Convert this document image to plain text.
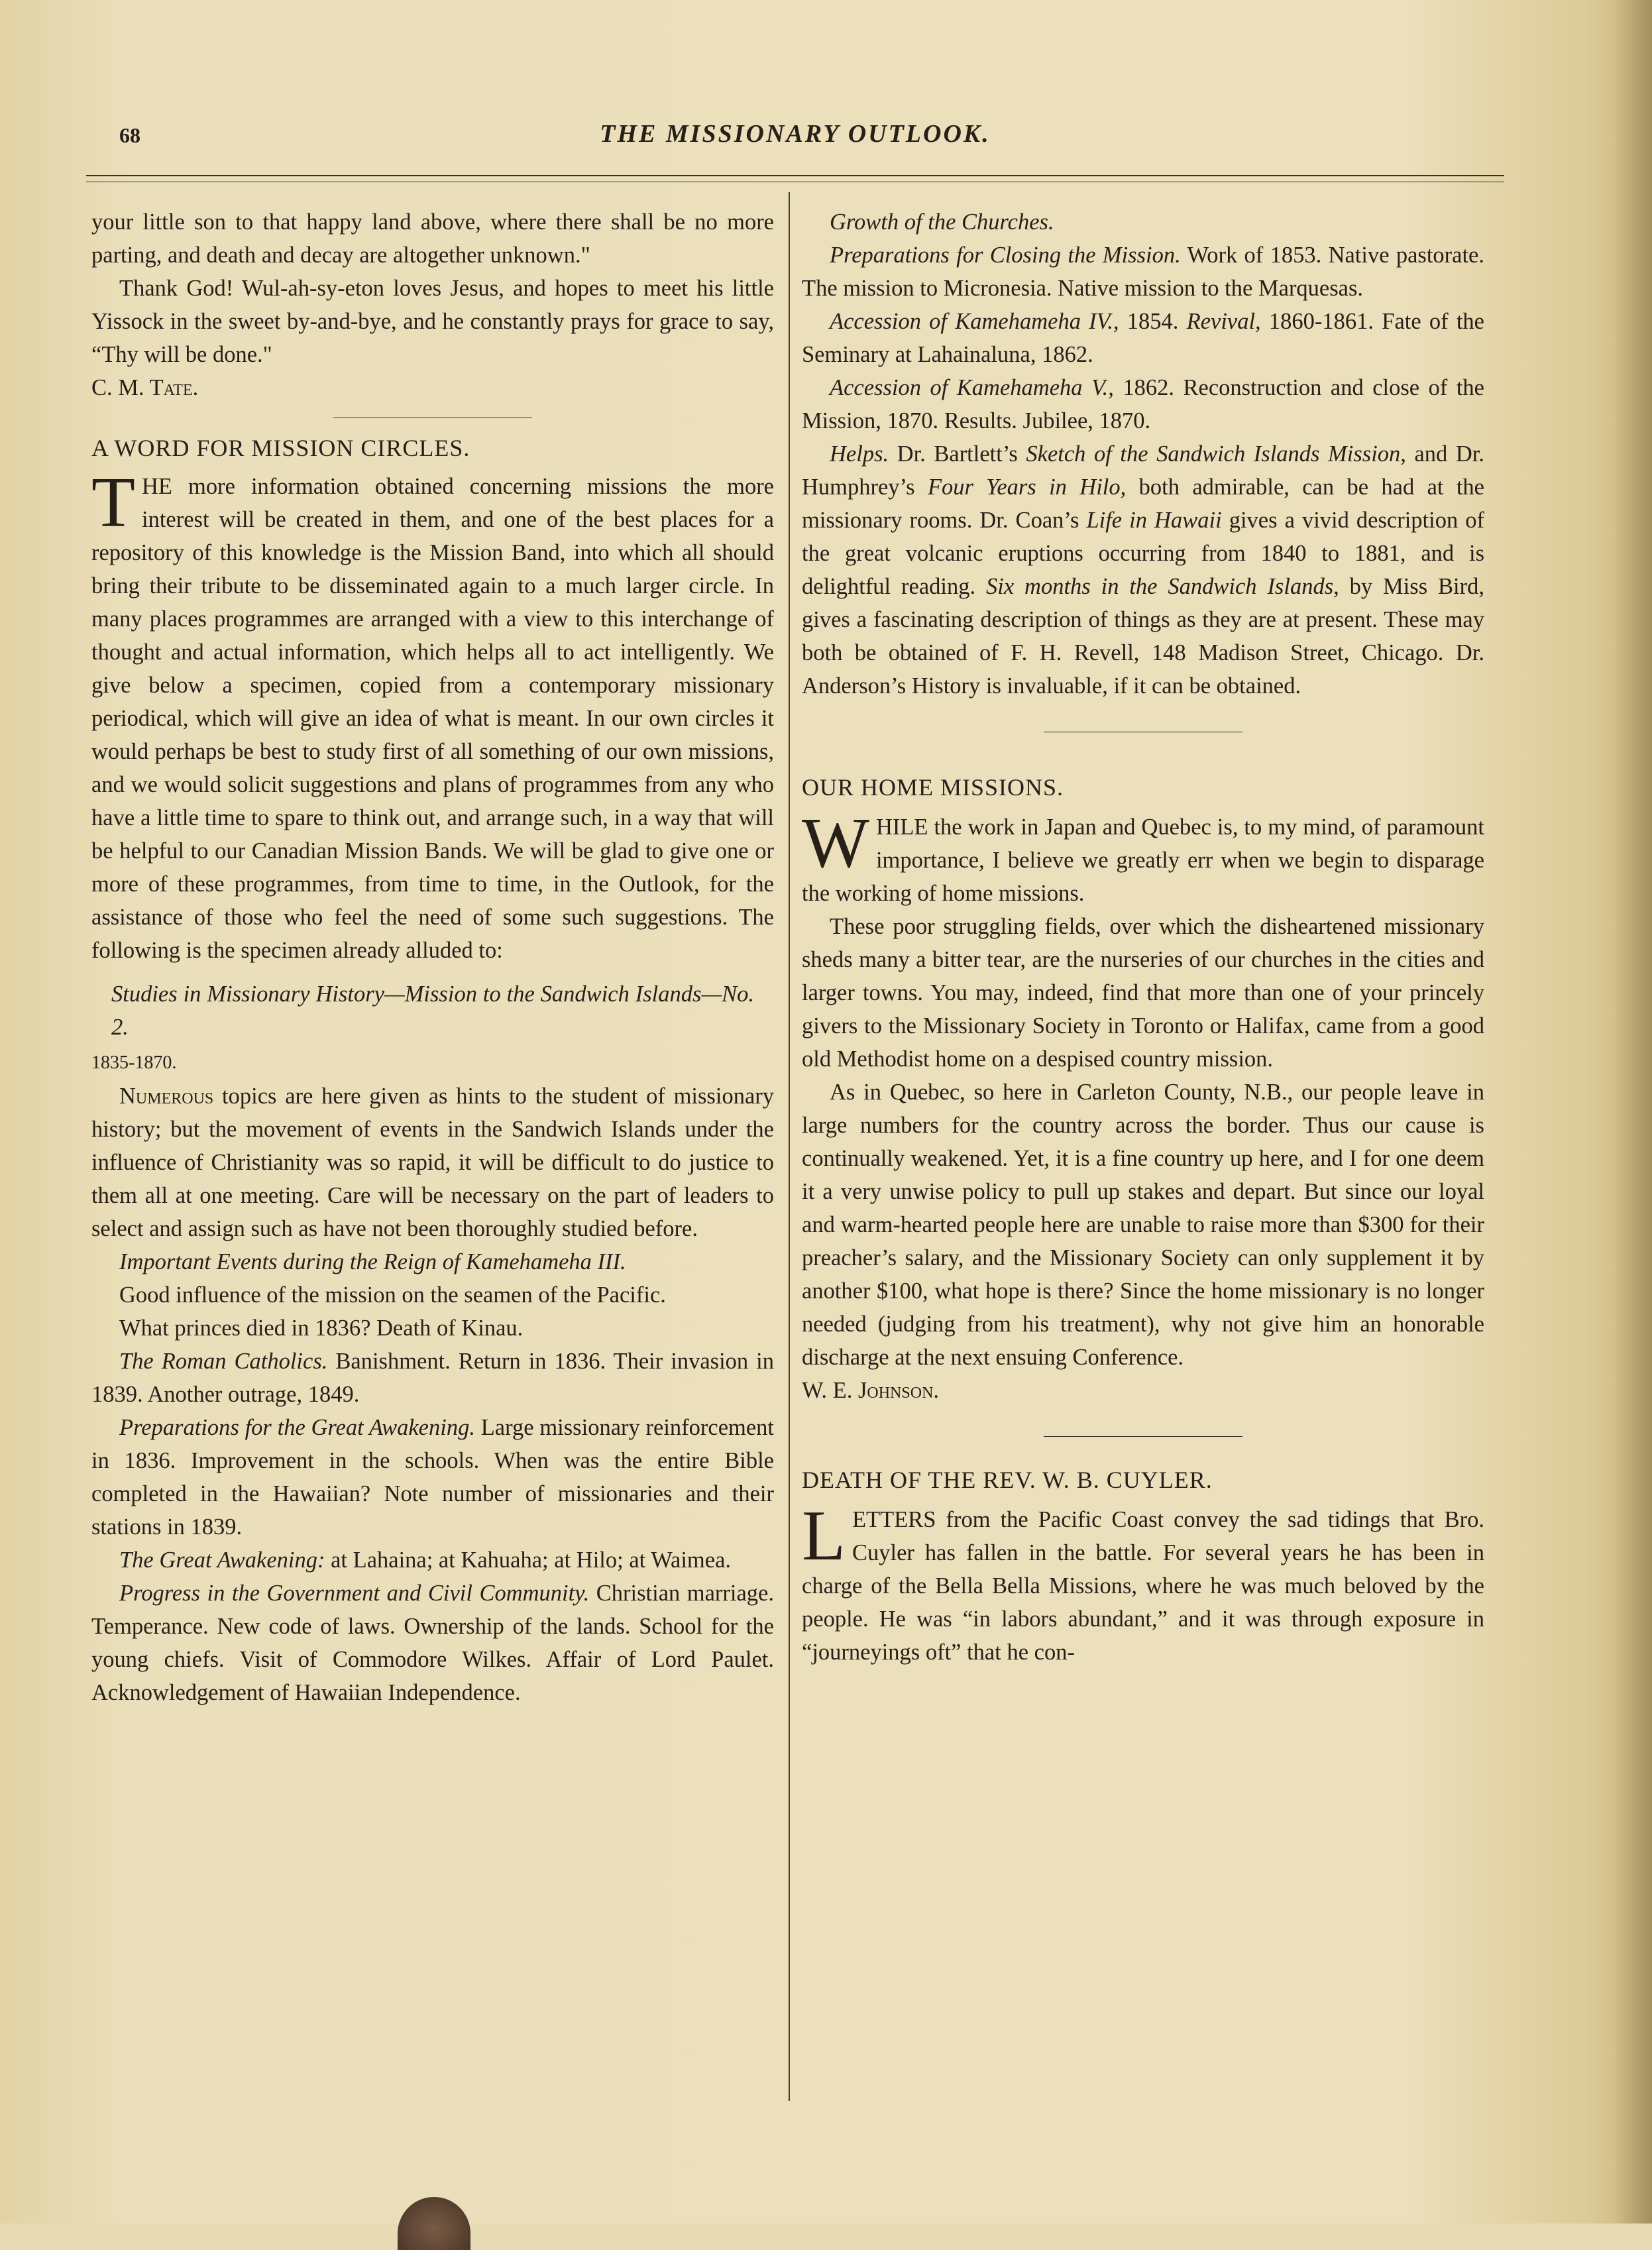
68	THE MISSIONARY OUTLOOK.

your little son to that happy land above, where there shall be no more parting, and death and decay are altogether unknown."

Thank God! Wul-ah-sy-eton loves Jesus, and hopes to meet his little Yissock in the sweet by-and-bye, and he constantly prays for grace to say, “Thy will be done."

C. M. Tate.

A WORD FOR MISSION CIRCLES.

THE more information obtained concerning missions the more interest will be created in them, and one of the best places for a repository of this knowledge is the Mission Band, into which all should bring their tribute to be disseminated again to a much larger circle. In many places programmes are arranged with a view to this interchange of thought and actual information, which helps all to act intelligently. We give below a specimen, copied from a contemporary missionary periodical, which will give an idea of what is meant. In our own circles it would perhaps be best to study first of all something of our own missions, and we would solicit suggestions and plans of programmes from any who have a little time to spare to think out, and arrange such, in a way that will be helpful to our Canadian Mission Bands. We will be glad to give one or more of these programmes, from time to time, in the Outlook, for the assistance of those who feel the need of some such suggestions. The following is the specimen already alluded to:

Studies in Missionary History—Mission to the Sandwich Islands—No. 2.

1835-1870.

Numerous topics are here given as hints to the student of missionary history; but the movement of events in the Sandwich Islands under the influence of Christianity was so rapid, it will be difficult to do justice to them all at one meeting. Care will be necessary on the part of leaders to select and assign such as have not been thoroughly studied before.

Important Events during the Reign of Kamehameha III.

Good influence of the mission on the seamen of the Pacific.

What princes died in 1836? Death of Kinau.

The Roman Catholics. Banishment. Return in 1836. Their invasion in 1839. Another outrage, 1849.

Preparations for the Great Awakening. Large missionary reinforcement in 1836. Improvement in the schools. When was the entire Bible completed in the Hawaiian? Note number of missionaries and their stations in 1839.

The Great Awakening: at Lahaina; at Kahuaha; at Hilo; at Waimea.

Progress in the Government and Civil Community. Christian marriage. Temperance. New code of laws. Ownership of the lands. School for the young chiefs. Visit of Commodore Wilkes. Affair of Lord Paulet. Acknowledgement of Hawaiian Independence.

Growth of the Churches.

Preparations for Closing the Mission. Work of 1853. Native pastorate. The mission to Micronesia. Native mission to the Marquesas.

Accession of Kamehameha IV., 1854. Revival, 1860-1861. Fate of the Seminary at Lahainaluna, 1862.

Accession of Kamehameha V., 1862. Reconstruction and close of the Mission, 1870. Results. Jubilee, 1870.

Helps. Dr. Bartlett’s Sketch of the Sandwich Islands Mission, and Dr. Humphrey’s Four Years in Hilo, both admirable, can be had at the missionary rooms. Dr. Coan’s Life in Hawaii gives a vivid description of the great volcanic eruptions occurring from 1840 to 1881, and is delightful reading. Six months in the Sandwich Islands, by Miss Bird, gives a fascinating description of things as they are at present. These may both be obtained of F. H. Revell, 148 Madison Street, Chicago. Dr. Anderson’s History is invaluable, if it can be obtained.

OUR HOME MISSIONS.

WHILE the work in Japan and Quebec is, to my mind, of paramount importance, I believe we greatly err when we begin to disparage the working of home missions.

These poor struggling fields, over which the disheartened missionary sheds many a bitter tear, are the nurseries of our churches in the cities and larger towns. You may, indeed, find that more than one of your princely givers to the Missionary Society in Toronto or Halifax, came from a good old Methodist home on a despised country mission.

As in Quebec, so here in Carleton County, N.B., our people leave in large numbers for the country across the border. Thus our cause is continually weakened. Yet, it is a fine country up here, and I for one deem it a very unwise policy to pull up stakes and depart. But since our loyal and warm-hearted people here are unable to raise more than $300 for their preacher’s salary, and the Missionary Society can only supplement it by another $100, what hope is there? Since the home missionary is no longer needed (judging from his treatment), why not give him an honorable discharge at the next ensuing Conference.

W. E. Johnson.

DEATH OF THE REV. W. B. CUYLER.

LETTERS from the Pacific Coast convey the sad tidings that Bro. Cuyler has fallen in the battle. For several years he has been in charge of the Bella Bella Missions, where he was much beloved by the people. He was “in labors abundant,” and it was through exposure in “journeyings oft” that he con-
